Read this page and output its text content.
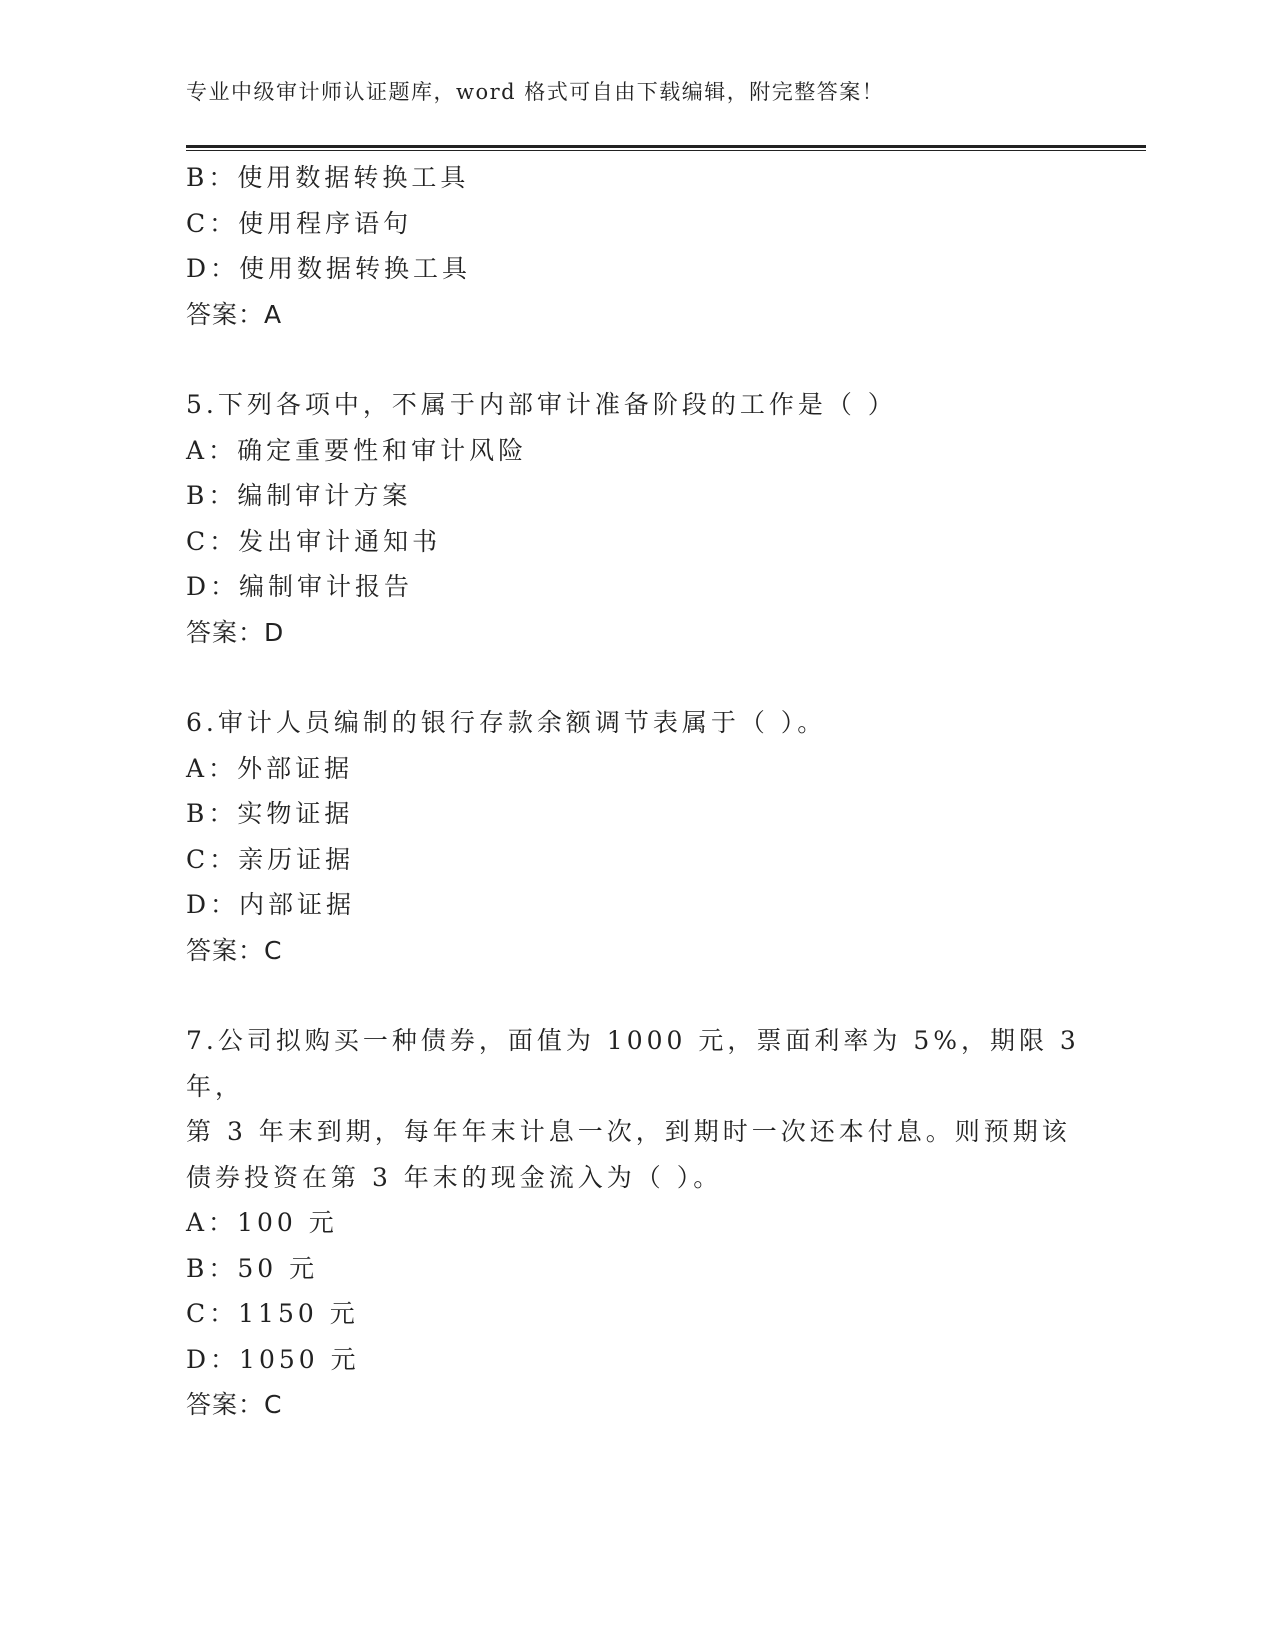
专业中级审计师认证题库，word 格式可自由下载编辑，附完整答案！
B：使用数据转换工具
C：使用程序语句
D：使用数据转换工具
答案：A
5.下列各项中，不属于内部审计准备阶段的工作是（ ）
A：确定重要性和审计风险
B：编制审计方案
C：发出审计通知书
D：编制审计报告
答案：D
6.审计人员编制的银行存款余额调节表属于（ ）。
A：外部证据
B：实物证据
C：亲历证据
D：内部证据
答案：C
7.公司拟购买一种债券，面值为 1000 元，票面利率为 5%，期限 3 年，
第 3 年末到期，每年年末计息一次，到期时一次还本付息。则预期该
债券投资在第 3 年末的现金流入为（ ）。
A：100 元
B：50 元
C：1150 元
D：1050 元
答案：C
